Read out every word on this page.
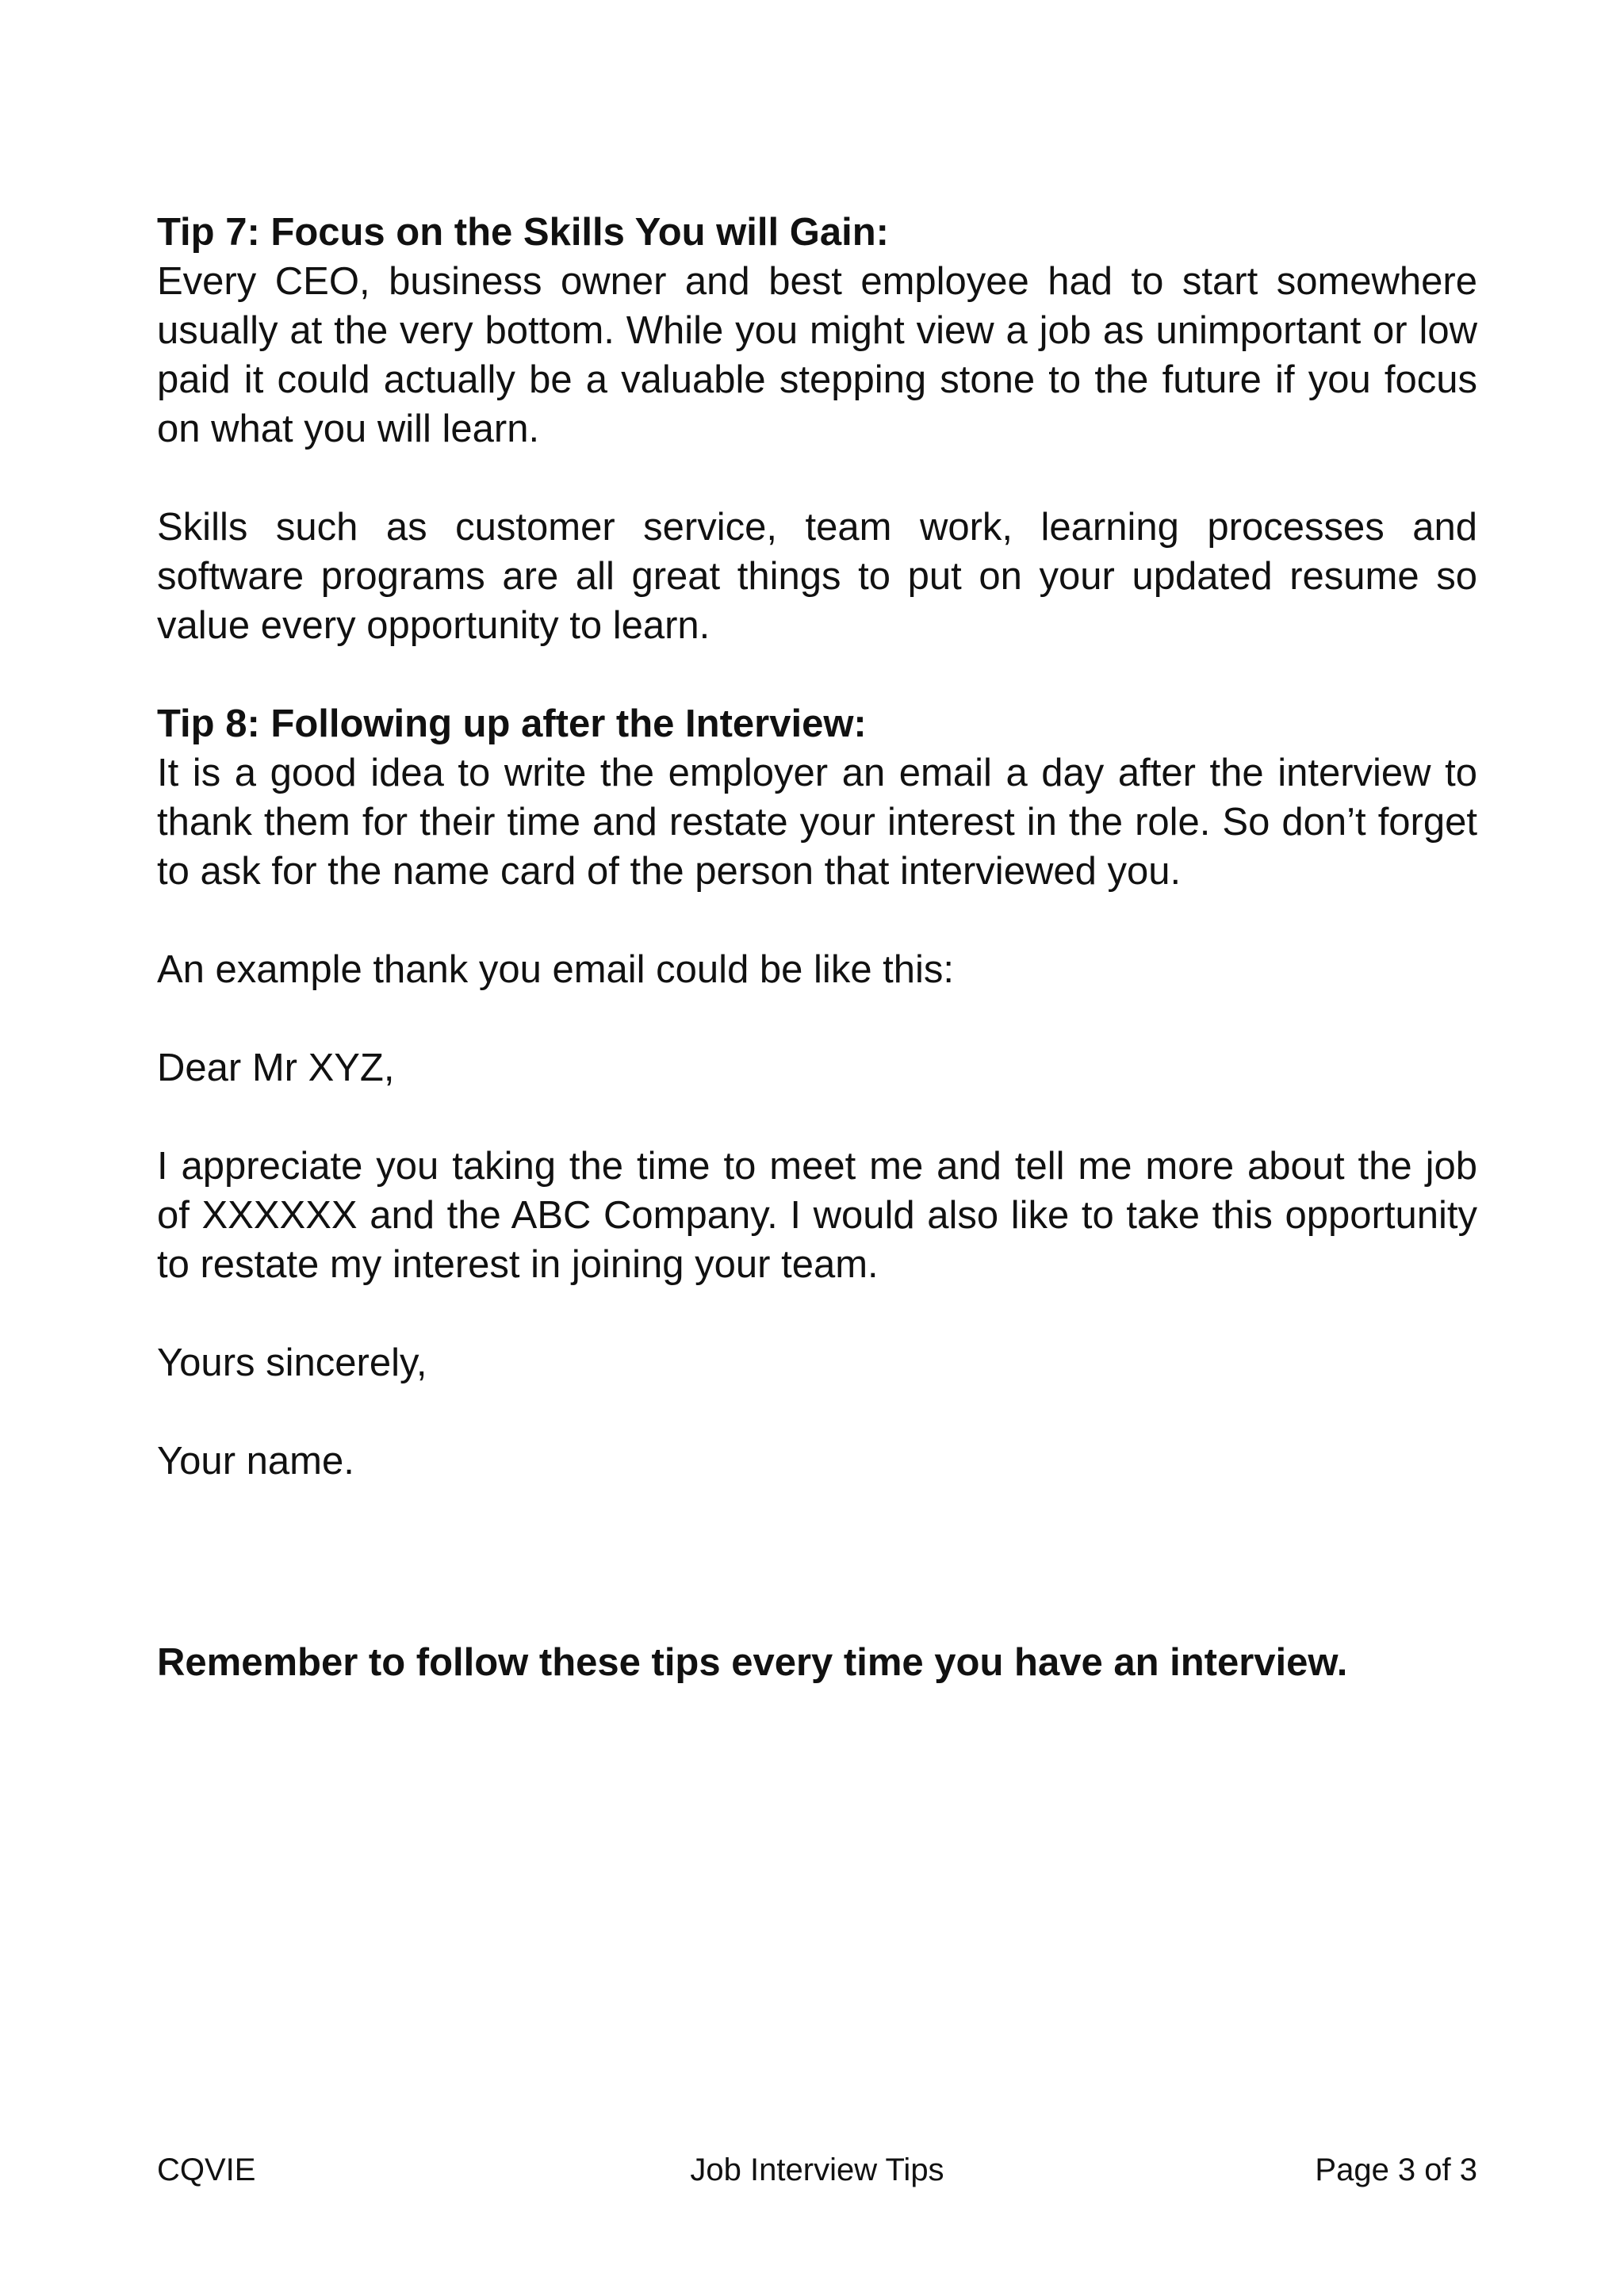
Tip 7: Focus on the Skills You will Gain:

Every CEO, business owner and best employee had to start somewhere usually at the very bottom. While you might view a job as unimportant or low paid it could actually be a valuable stepping stone to the future if you focus on what you will learn.

Skills such as customer service, team work, learning processes and software programs are all great things to put on your updated resume so value every opportunity to learn.

Tip 8: Following up after the Interview:

It is a good idea to write the employer an email a day after the interview to thank them for their time and restate your interest in the role. So don’t forget to ask for the name card of the person that interviewed you.

An example thank you email could be like this:

Dear Mr XYZ,

I appreciate you taking the time to meet me and tell me more about the job of XXXXXX and the ABC Company. I would also like to take this opportunity to restate my interest in joining your team.

Yours sincerely,

Your name.

Remember to follow these tips every time you have an interview.

CQVIE	Job Interview Tips	Page 3 of 3
